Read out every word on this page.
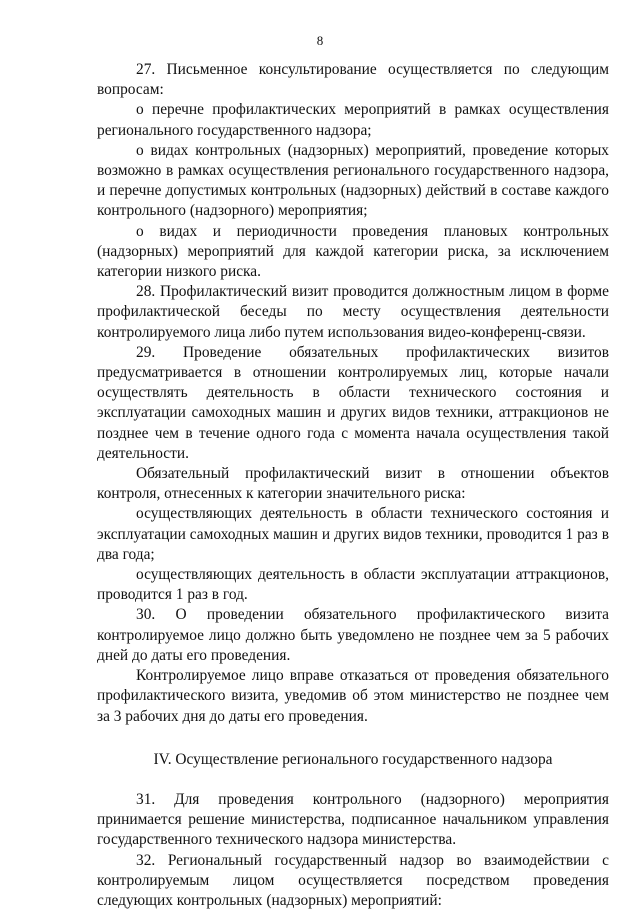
8

27. Письменное консультирование осуществляется по следующим вопросам:

о перечне профилактических мероприятий в рамках осуществления регионального государственного надзора;

о видах контрольных (надзорных) мероприятий, проведение которых возможно в рамках осуществления регионального государственного надзора, и перечне допустимых контрольных (надзорных) действий в составе каждого контрольного (надзорного) мероприятия;

о видах и периодичности проведения плановых контрольных (надзорных) мероприятий для каждой категории риска, за исключением категории низкого риска.

28. Профилактический визит проводится должностным лицом в форме профилактической беседы по месту осуществления деятельности контролируемого лица либо путем использования видео-конференц-связи.

29. Проведение обязательных профилактических визитов предусматривается в отношении контролируемых лиц, которые начали осуществлять деятельность в области технического состояния и эксплуатации самоходных машин и других видов техники, аттракционов не позднее чем в течение одного года с момента начала осуществления такой деятельности.

Обязательный профилактический визит в отношении объектов контроля, отнесенных к категории значительного риска:

осуществляющих деятельность в области технического состояния и эксплуатации самоходных машин и других видов техники, проводится 1 раз в два года;

осуществляющих деятельность в области эксплуатации аттракционов, проводится 1 раз в год.

30. О проведении обязательного профилактического визита контролируемое лицо должно быть уведомлено не позднее чем за 5 рабочих дней до даты его проведения.

Контролируемое лицо вправе отказаться от проведения обязательного профилактического визита, уведомив об этом министерство не позднее чем за 3 рабочих дня до даты его проведения.

IV. Осуществление регионального государственного надзора

31. Для проведения контрольного (надзорного) мероприятия принимается решение министерства, подписанное начальником управления государственного технического надзора министерства.

32. Региональный государственный надзор во взаимодействии с контролируемым лицом осуществляется посредством проведения следующих контрольных (надзорных) мероприятий:
